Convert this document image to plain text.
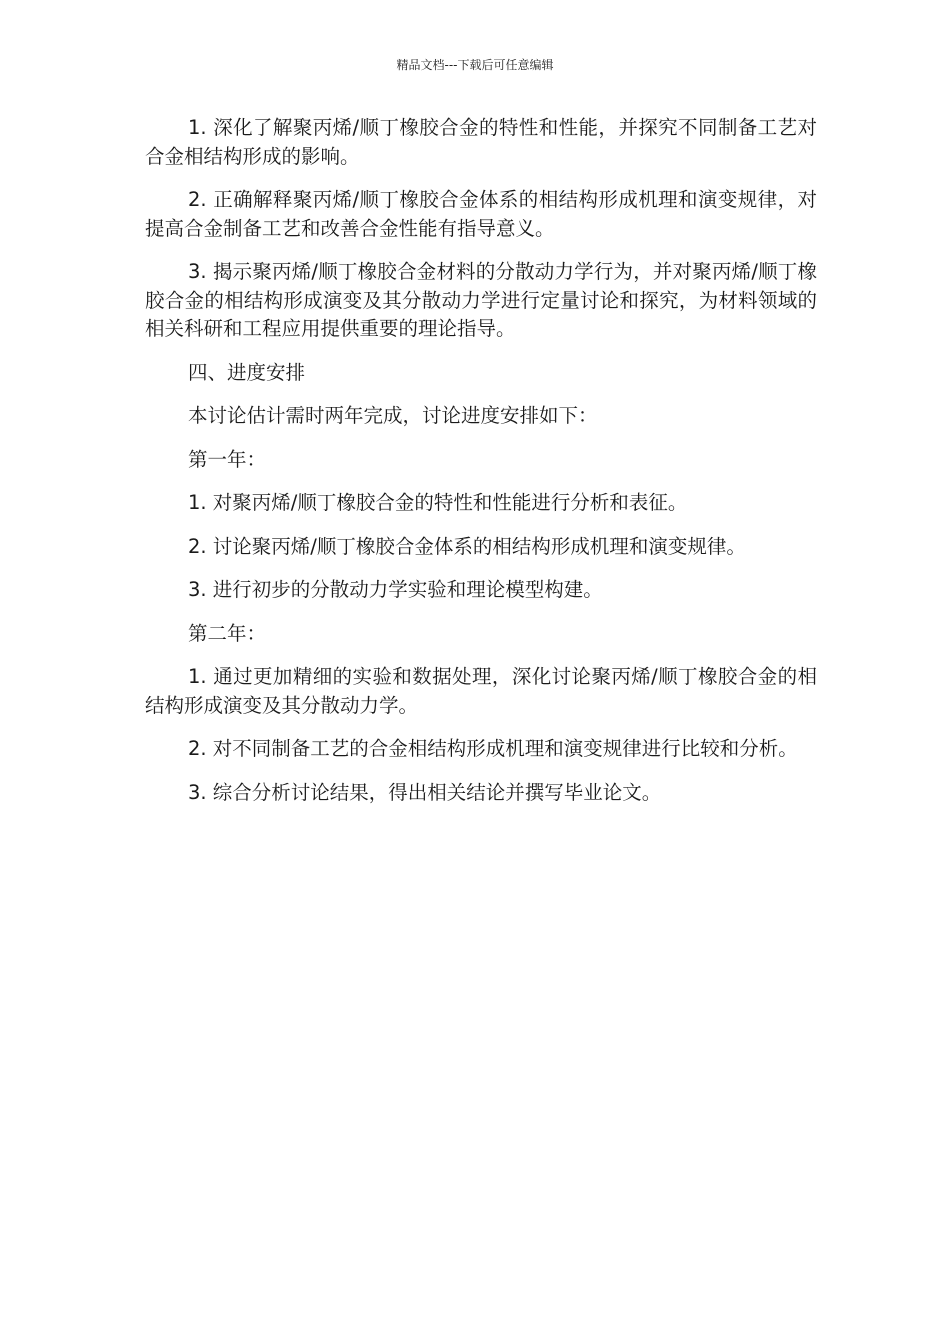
精品文档---下载后可任意编辑

1. 深化了解聚丙烯/顺丁橡胶合金的特性和性能，并探究不同制备工艺对合金相结构形成的影响。

2. 正确解释聚丙烯/顺丁橡胶合金体系的相结构形成机理和演变规律，对提高合金制备工艺和改善合金性能有指导意义。

3. 揭示聚丙烯/顺丁橡胶合金材料的分散动力学行为，并对聚丙烯/顺丁橡胶合金的相结构形成演变及其分散动力学进行定量讨论和探究，为材料领域的相关科研和工程应用提供重要的理论指导。

四、进度安排

本讨论估计需时两年完成，讨论进度安排如下：

第一年：

1. 对聚丙烯/顺丁橡胶合金的特性和性能进行分析和表征。

2. 讨论聚丙烯/顺丁橡胶合金体系的相结构形成机理和演变规律。

3. 进行初步的分散动力学实验和理论模型构建。

第二年：

1. 通过更加精细的实验和数据处理，深化讨论聚丙烯/顺丁橡胶合金的相结构形成演变及其分散动力学。

2. 对不同制备工艺的合金相结构形成机理和演变规律进行比较和分析。

3. 综合分析讨论结果，得出相关结论并撰写毕业论文。
